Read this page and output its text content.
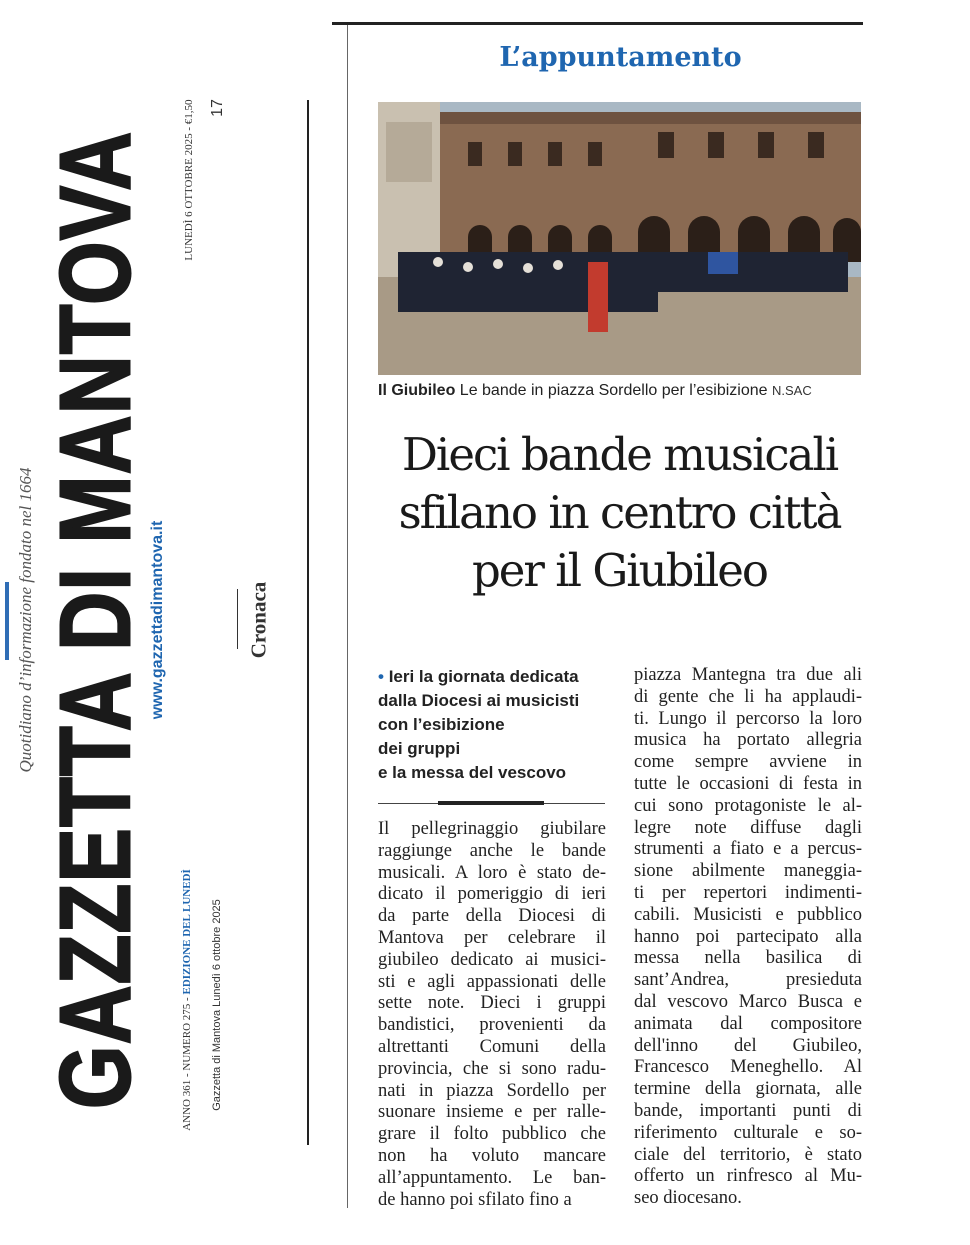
Quotidiano d’informazione fondato nel 1664 GAZZETTA DI MANTOVA
www.gazzettadimantova.it
LUNEDÌ 6 OTTOBRE 2025 - €1,50 17
ANNO 361 - NUMERO 275 - EDIZIONE DEL LUNEDÌ Gazzetta di Mantova Lunedì 6 ottobre 2025
Cronaca
L’appuntamento
Il Giubileo Le bande in piazza Sordello per l’esibizione N.SAC
Dieci bande musicali
sfilano in centro città
per il Giubileo
• Ieri la giornata dedicata
dalla Diocesi ai musicisti
con l’esibizione
dei gruppi
e la messa del vescovo
Il pellegrinaggio giubilare
raggiunge anche le bande
musicali. A loro è stato de-
dicato il pomeriggio di ieri
da parte della Diocesi di
Mantova per celebrare il
giubileo dedicato ai musici-
sti e agli appassionati delle
sette note. Dieci i gruppi
bandistici, provenienti da
altrettanti Comuni della
provincia, che si sono radu-
nati in piazza Sordello per
suonare insieme e per ralle-
grare il folto pubblico che
non ha voluto mancare
all’appuntamento. Le ban-
de hanno poi sfilato fino a
piazza Mantegna tra due ali
di gente che li ha applaudi-
ti. Lungo il percorso la loro
musica ha portato allegria
come sempre avviene in
tutte le occasioni di festa in
cui sono protagoniste le al-
legre note diffuse dagli
strumenti a fiato e a percus-
sione abilmente maneggia-
ti per repertori indimenti-
cabili. Musicisti e pubblico
hanno poi partecipato alla
messa nella basilica di
sant’Andrea, presieduta
dal vescovo Marco Busca e
animata dal compositore
dell'inno del Giubileo,
Francesco Meneghello. Al
termine della giornata, alle
bande, importanti punti di
riferimento culturale e so-
ciale del territorio, è stato
offerto un rinfresco al Mu-
seo diocesano.
